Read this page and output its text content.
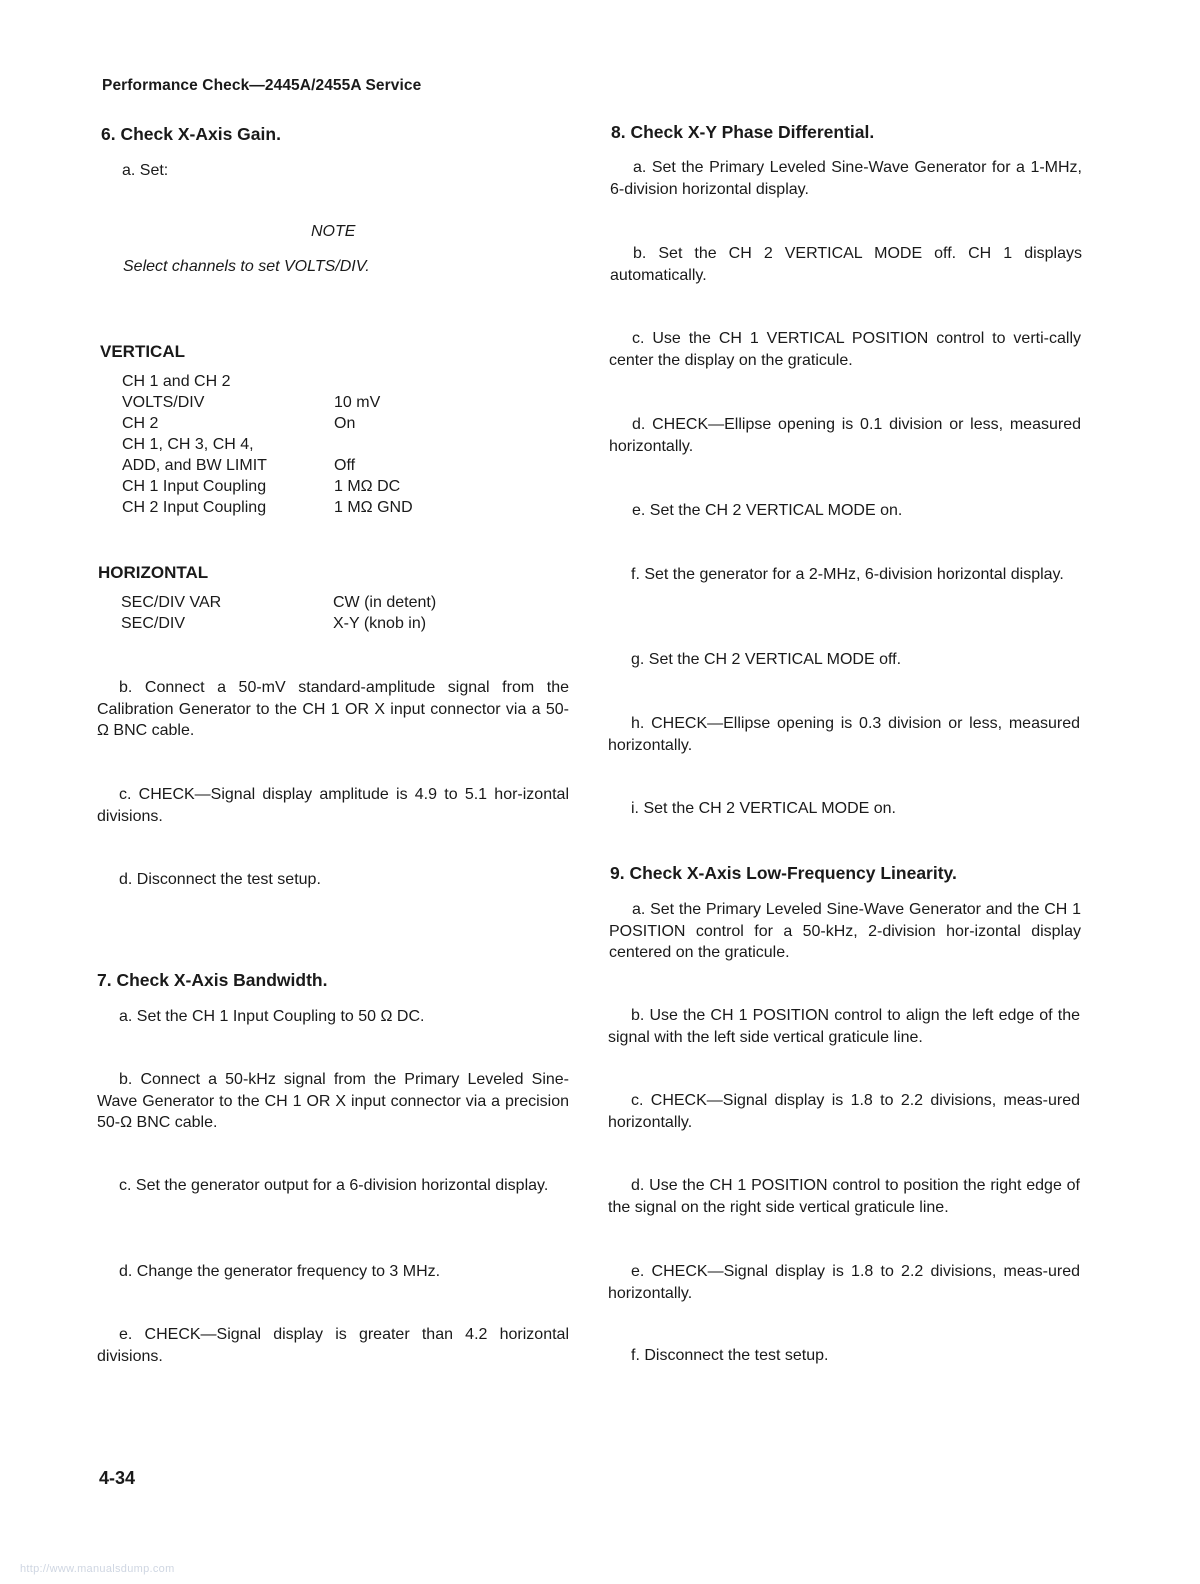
Performance Check—2445A/2455A Service
6. Check X-Axis Gain.
a. Set:
NOTE
Select channels to set VOLTS/DIV.
VERTICAL
CH 1 and CH 2	
VOLTS/DIV	10 mV
CH 2	On
CH 1, CH 3, CH 4,	
ADD, and BW LIMIT	Off
CH 1 Input Coupling	1 MΩ DC
CH 2 Input Coupling	1 MΩ GND
HORIZONTAL
SEC/DIV VAR	CW (in detent)
SEC/DIV	X-Y (knob in)
b. Connect a 50-mV standard-amplitude signal from the Calibration Generator to the CH 1 OR X input connector via a 50-Ω BNC cable.
c. CHECK—Signal display amplitude is 4.9 to 5.1 hor-izontal divisions.
d. Disconnect the test setup.
7. Check X-Axis Bandwidth.
a. Set the CH 1 Input Coupling to 50 Ω DC.
b. Connect a 50-kHz signal from the Primary Leveled Sine-Wave Generator to the CH 1 OR X input connector via a precision 50-Ω BNC cable.
c. Set the generator output for a 6-division horizontal display.
d. Change the generator frequency to 3 MHz.
e. CHECK—Signal display is greater than 4.2 horizontal divisions.
8. Check X-Y Phase Differential.
a. Set the Primary Leveled Sine-Wave Generator for a 1-MHz, 6-division horizontal display.
b. Set the CH 2 VERTICAL MODE off. CH 1 displays automatically.
c. Use the CH 1 VERTICAL POSITION control to verti-cally center the display on the graticule.
d. CHECK—Ellipse opening is 0.1 division or less, measured horizontally.
e. Set the CH 2 VERTICAL MODE on.
f. Set the generator for a 2-MHz, 6-division horizontal display.
g. Set the CH 2 VERTICAL MODE off.
h. CHECK—Ellipse opening is 0.3 division or less, measured horizontally.
i. Set the CH 2 VERTICAL MODE on.
9. Check X-Axis Low-Frequency Linearity.
a. Set the Primary Leveled Sine-Wave Generator and the CH 1 POSITION control for a 50-kHz, 2-division hor-izontal display centered on the graticule.
b. Use the CH 1 POSITION control to align the left edge of the signal with the left side vertical graticule line.
c. CHECK—Signal display is 1.8 to 2.2 divisions, meas-ured horizontally.
d. Use the CH 1 POSITION control to position the right edge of the signal on the right side vertical graticule line.
e. CHECK—Signal display is 1.8 to 2.2 divisions, meas-ured horizontally.
f. Disconnect the test setup.
4-34
http://www.manualsdump.com
